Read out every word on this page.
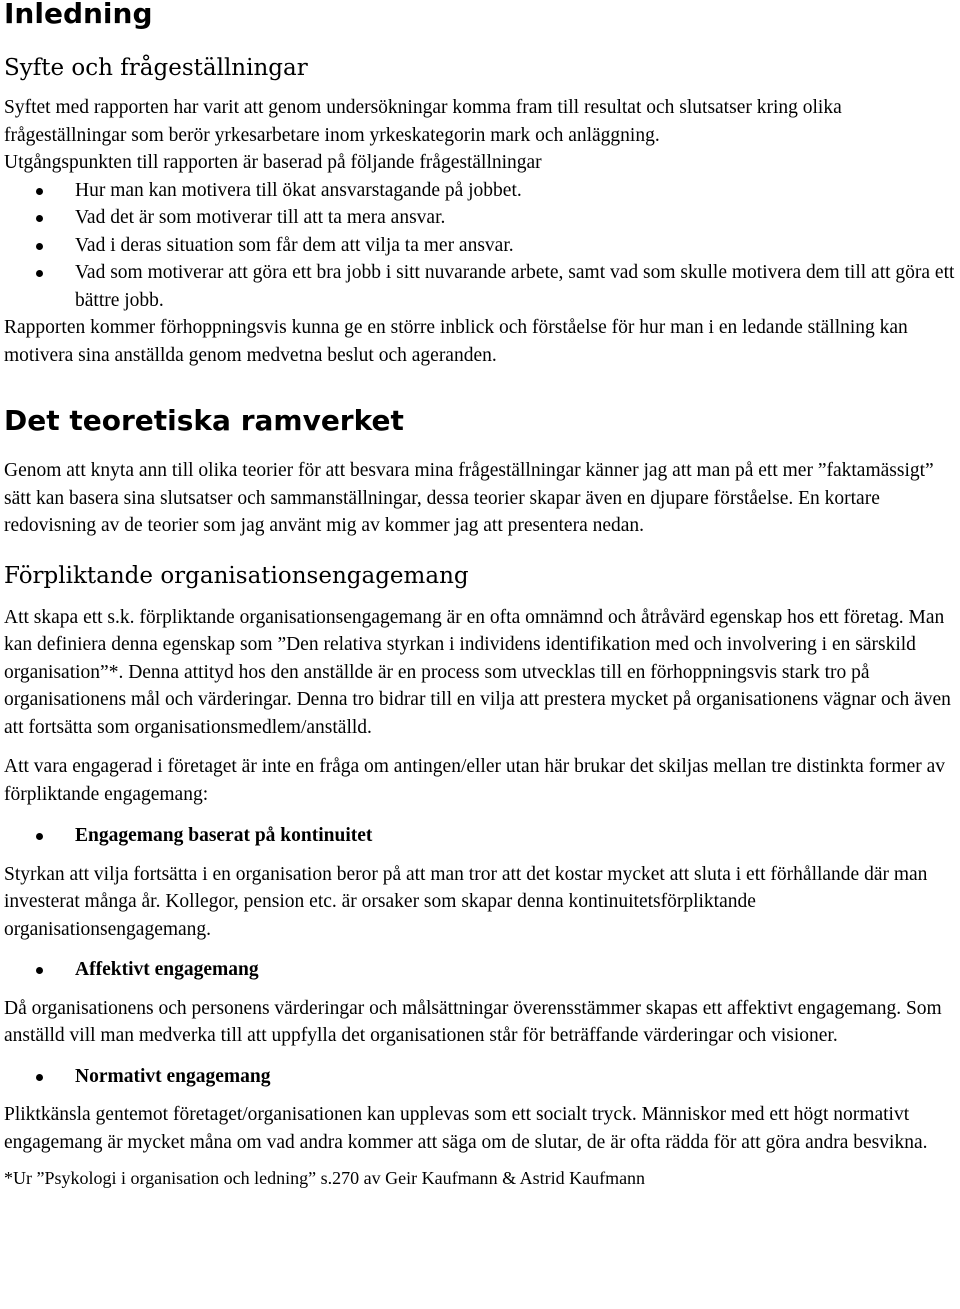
Inledning
Syfte och frågeställningar

Syftet med rapporten har varit att genom undersökningar komma fram till resultat och slutsatser kring olika frågeställningar som berör yrkesarbetare inom yrkeskategorin mark och anläggning.

Utgångspunkten till rapporten är baserad på följande frågeställningar

Hur man kan motivera till ökat ansvarstagande på jobbet.
Vad det är som motiverar till att ta mera ansvar.
Vad i deras situation som får dem att vilja ta mer ansvar.
Vad som motiverar att göra ett bra jobb i sitt nuvarande arbete, samt vad som skulle motivera dem till att göra ett bättre jobb.

Rapporten kommer förhoppningsvis kunna ge en större inblick och förståelse för hur man i en ledande ställning kan motivera sina anställda genom medvetna beslut och ageranden.

Det teoretiska ramverket

Genom att knyta ann till olika teorier för att besvara mina frågeställningar känner jag att man på ett mer ”faktamässigt” sätt kan basera sina slutsatser och sammanställningar, dessa teorier skapar även en djupare förståelse. En kortare redovisning av de teorier som jag använt mig av kommer jag att presentera nedan.

Förpliktande organisationsengagemang

Att skapa ett s.k. förpliktande organisationsengagemang är en ofta omnämnd och åtråvärd egenskap hos ett företag. Man kan definiera denna egenskap som ”Den relativa styrkan i individens identifikation med och involvering i en särskild organisation”*. Denna attityd hos den anställde är en process som utvecklas till en förhoppningsvis stark tro på organisationens mål och värderingar. Denna tro bidrar till en vilja att prestera mycket på organisationens vägnar och även att fortsätta som organisationsmedlem/anställd.

Att vara engagerad i företaget är inte en fråga om antingen/eller utan här brukar det skiljas mellan tre distinkta former av förpliktande engagemang:

Engagemang baserat på kontinuitet

Styrkan att vilja fortsätta i en organisation beror på att man tror att det kostar mycket att sluta i ett förhållande där man investerat många år. Kollegor, pension etc. är orsaker som skapar denna kontinuitetsförpliktande organisationsengagemang.

Affektivt engagemang

Då organisationens och personens värderingar och målsättningar överensstämmer skapas ett affektivt engagemang. Som anställd vill man medverka till att uppfylla det organisationen står för beträffande värderingar och visioner.

Normativt engagemang

Pliktkänsla gentemot företaget/organisationen kan upplevas som ett socialt tryck. Människor med ett högt normativt engagemang är mycket måna om vad andra kommer att säga om de slutar, de är ofta rädda för att göra andra besvikna.

*Ur ”Psykologi i organisation och ledning” s.270 av Geir Kaufmann & Astrid Kaufmann
